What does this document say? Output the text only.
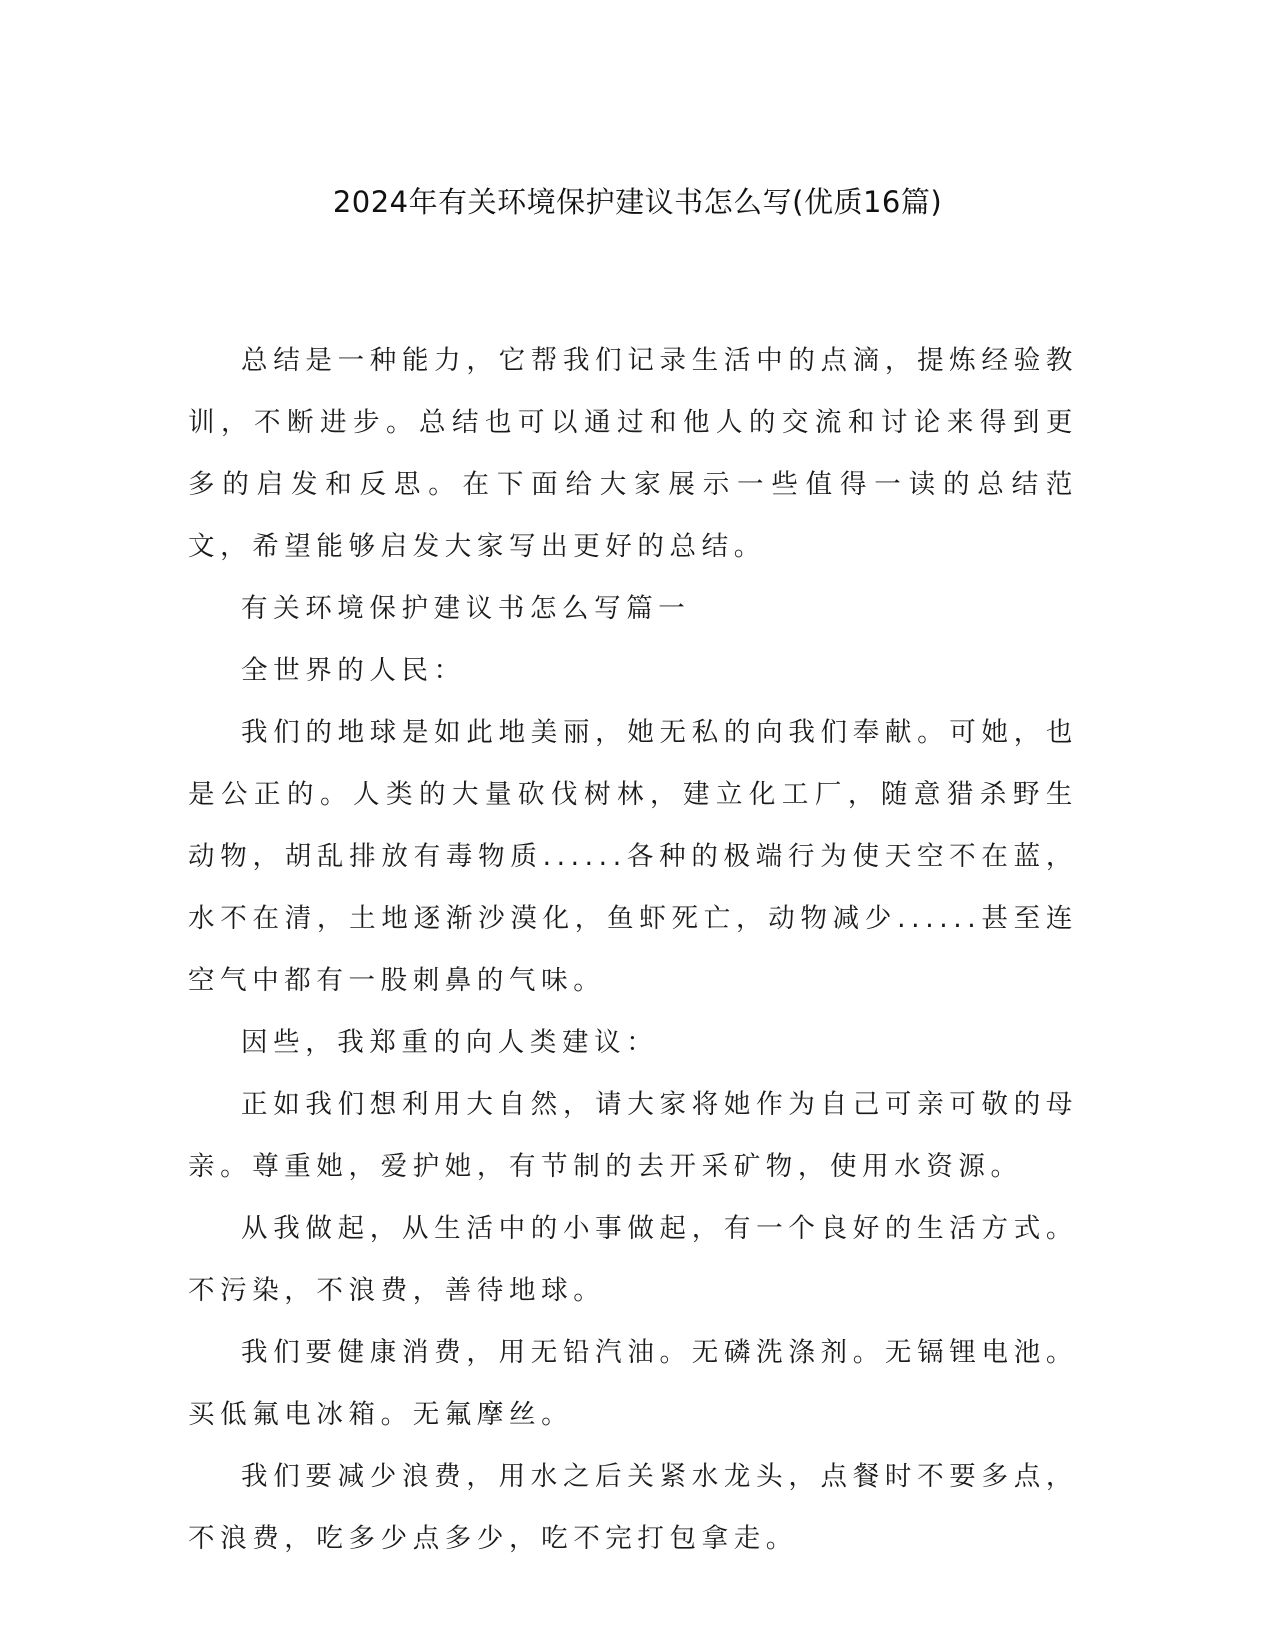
2024年有关环境保护建议书怎么写(优质16篇)

总结是一种能力，它帮我们记录生活中的点滴，提炼经验教训，不断进步。总结也可以通过和他人的交流和讨论来得到更多的启发和反思。在下面给大家展示一些值得一读的总结范文，希望能够启发大家写出更好的总结。

有关环境保护建议书怎么写篇一

全世界的人民：

我们的地球是如此地美丽，她无私的向我们奉献。可她，也是公正的。人类的大量砍伐树林，建立化工厂，随意猎杀野生动物，胡乱排放有毒物质......各种的极端行为使天空不在蓝，水不在清，土地逐渐沙漠化，鱼虾死亡，动物减少......甚至连空气中都有一股刺鼻的气味。

因些，我郑重的向人类建议：

正如我们想利用大自然，请大家将她作为自己可亲可敬的母亲。尊重她，爱护她，有节制的去开采矿物，使用水资源。

从我做起，从生活中的小事做起，有一个良好的生活方式。不污染，不浪费，善待地球。

我们要健康消费，用无铅汽油。无磷洗涤剂。无镉锂电池。买低氟电冰箱。无氟摩丝。

我们要减少浪费，用水之后关紧水龙头，点餐时不要多点，不浪费，吃多少点多少，吃不完打包拿走。
